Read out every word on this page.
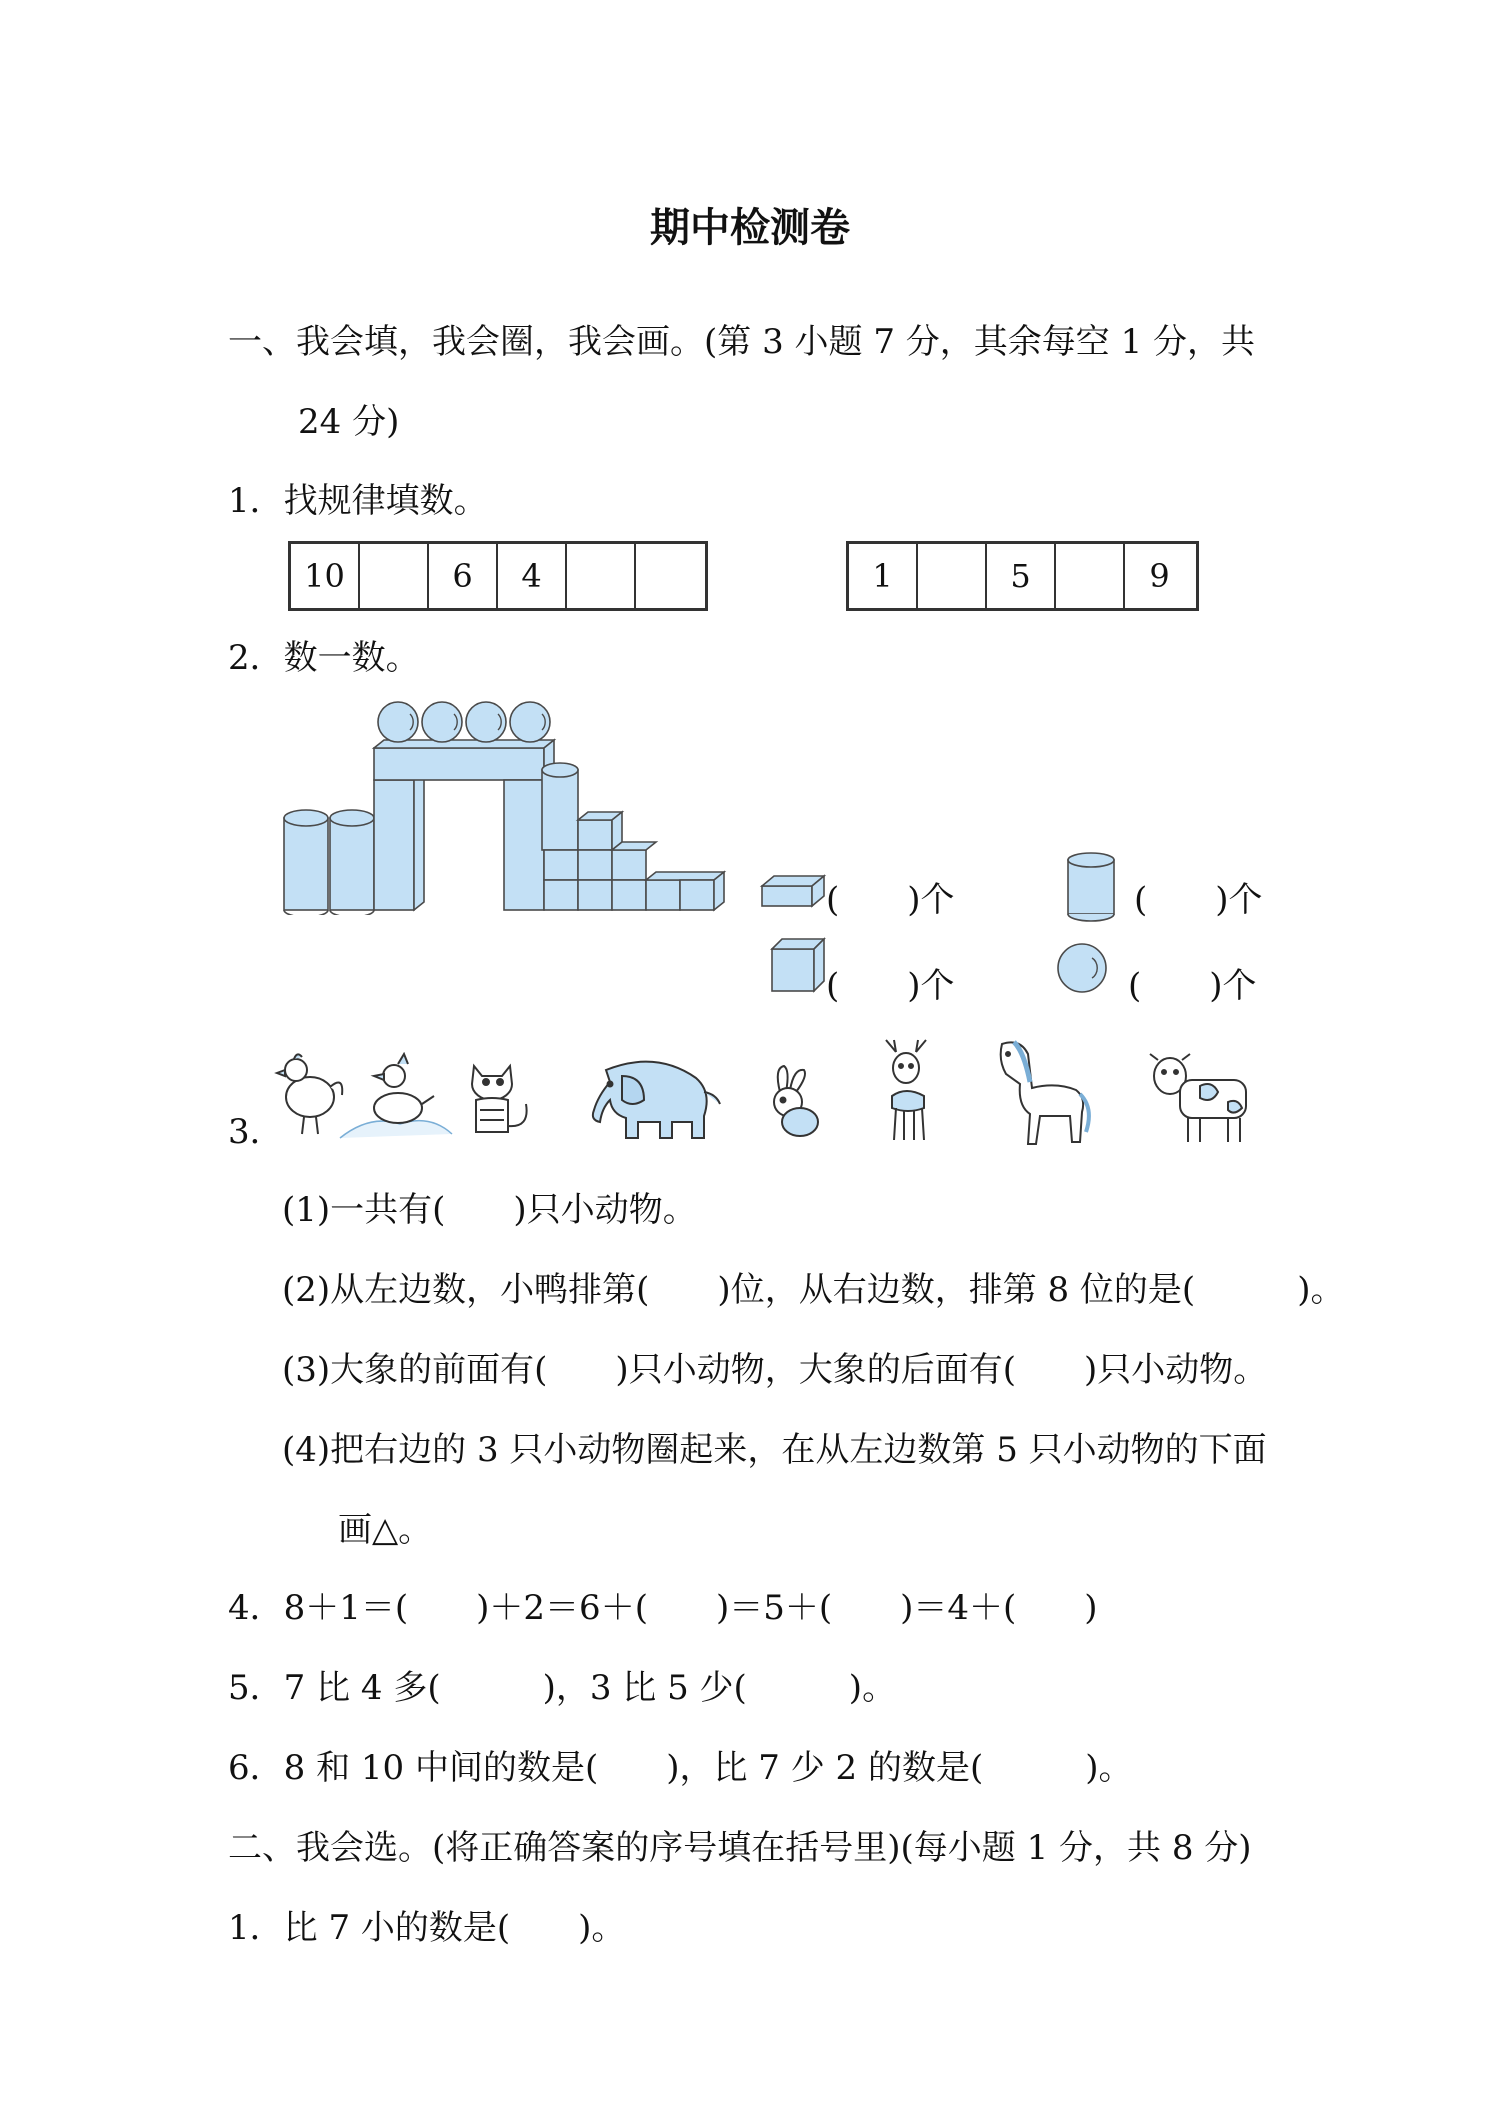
期中检测卷
一、我会填，我会圈，我会画。(第 3 小题 7 分，其余每空 1 分，共
24 分)
1．找规律填数。
10	6	4	1	5	9
2．数一数。
(　　)个	(　　)个
(　　)个	(　　)个
3．
(1)一共有(　　)只小动物。
(2)从左边数，小鸭排第(　　)位，从右边数，排第 8 位的是(　　　)。
(3)大象的前面有(　　)只小动物，大象的后面有(　　)只小动物。
(4)把右边的 3 只小动物圈起来，在从左边数第 5 只小动物的下面
画△。
4．8＋1＝(　　)＋2＝6＋(　　)＝5＋(　　)＝4＋(　　)
5．7 比 4 多(　　　)，3 比 5 少(　　　)。
6．8 和 10 中间的数是(　　)，比 7 少 2 的数是(　　　)。
二、我会选。(将正确答案的序号填在括号里)(每小题 1 分，共 8 分)
1．比 7 小的数是(　　)。
